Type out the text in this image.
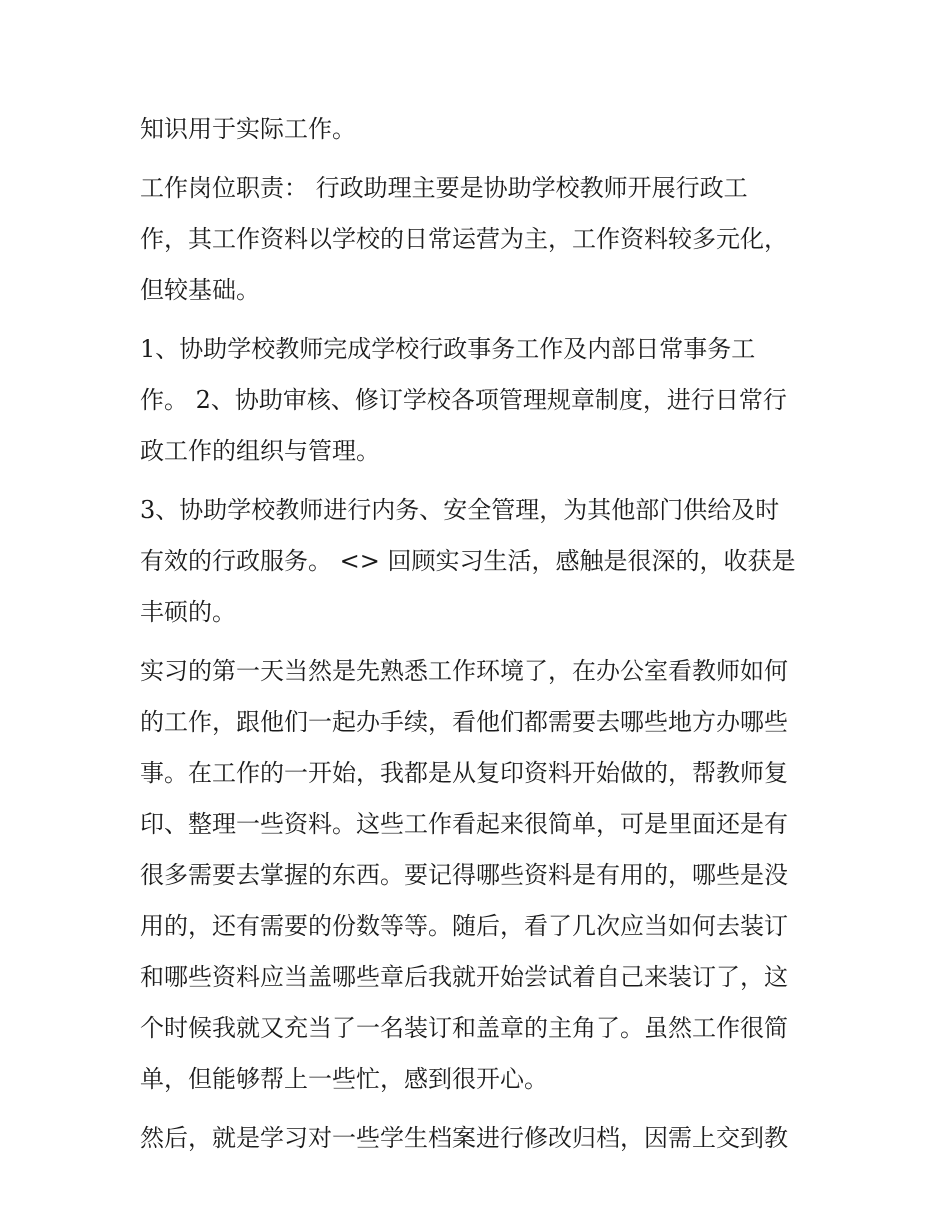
知识用于实际工作。
工作岗位职责： 行政助理主要是协助学校教师开展行政工
作，其工作资料以学校的日常运营为主，工作资料较多元化，
但较基础。
1、协助学校教师完成学校行政事务工作及内部日常事务工
作。 2、协助审核、修订学校各项管理规章制度，进行日常行
政工作的组织与管理。
3、协助学校教师进行内务、安全管理，为其他部门供给及时
有效的行政服务。 <> 回顾实习生活，感触是很深的，收获是
丰硕的。
实习的第一天当然是先熟悉工作环境了，在办公室看教师如何
的工作，跟他们一起办手续，看他们都需要去哪些地方办哪些
事。在工作的一开始，我都是从复印资料开始做的，帮教师复
印、整理一些资料。这些工作看起来很简单，可是里面还是有
很多需要去掌握的东西。要记得哪些资料是有用的，哪些是没
用的，还有需要的份数等等。随后，看了几次应当如何去装订
和哪些资料应当盖哪些章后我就开始尝试着自己来装订了，这
个时候我就又充当了一名装订和盖章的主角了。虽然工作很简
单，但能够帮上一些忙，感到很开心。
然后，就是学习对一些学生档案进行修改归档，因需上交到教
